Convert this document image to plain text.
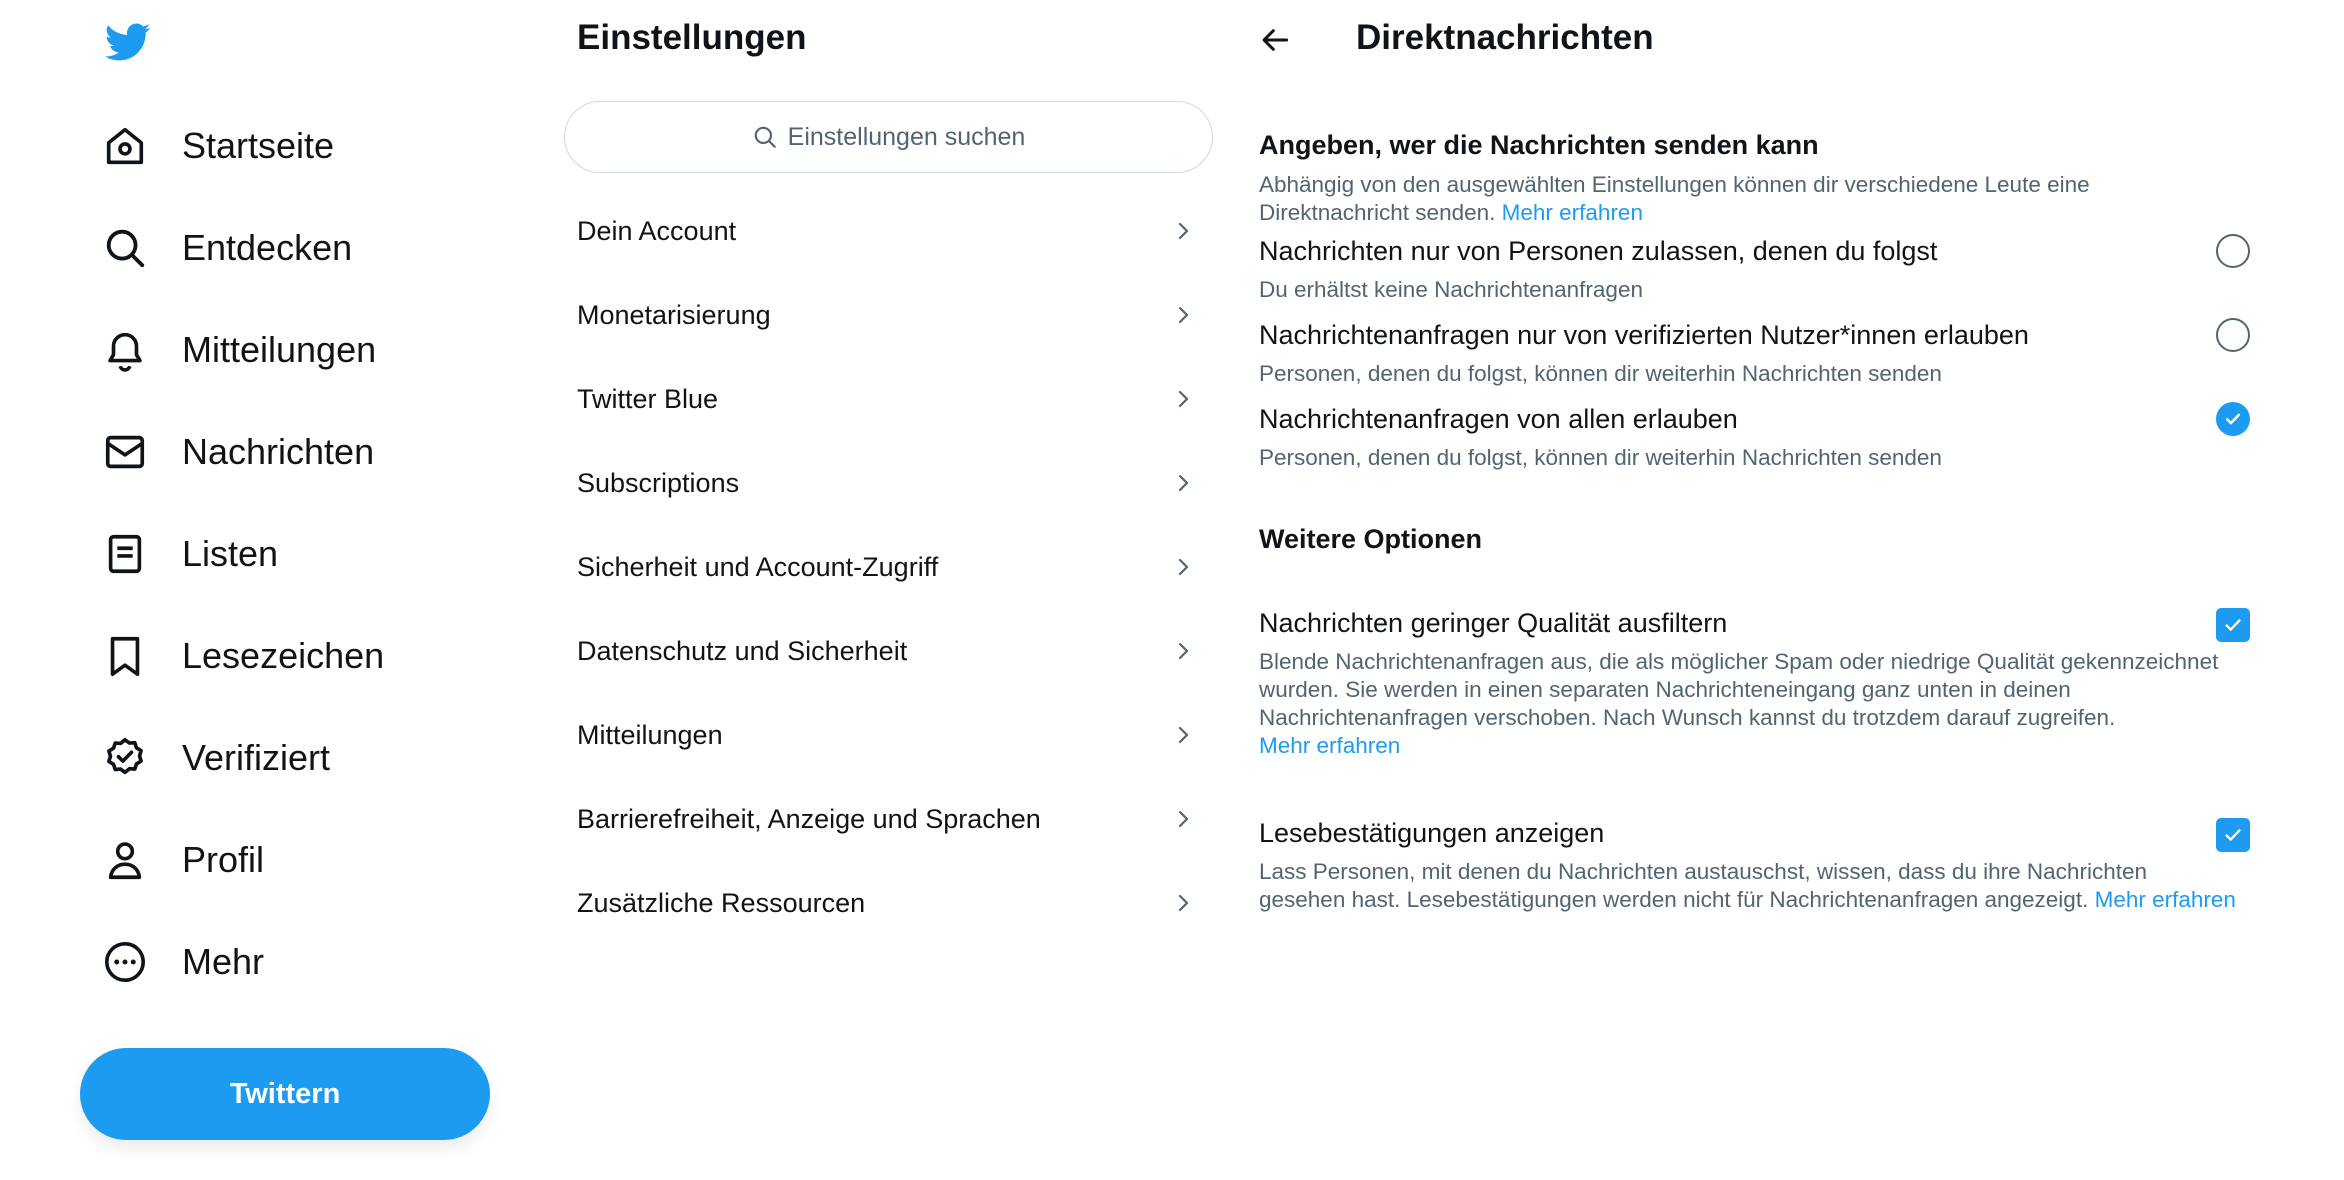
Startseite
Entdecken
Mitteilungen
Nachrichten
Listen
Lesezeichen
Verifiziert
Profil
Mehr
Twittern
Einstellungen
Einstellungen suchen
Dein Account
Monetarisierung
Twitter Blue
Subscriptions
Sicherheit und Account-Zugriff
Datenschutz und Sicherheit
Mitteilungen
Barrierefreiheit, Anzeige und Sprachen
Zusätzliche Ressourcen
Direktnachrichten
Angeben, wer die Nachrichten senden kann
Abhängig von den ausgewählten Einstellungen können dir verschiedene Leute eine Direktnachricht senden. Mehr erfahren
Nachrichten nur von Personen zulassen, denen du folgst
Du erhältst keine Nachrichtenanfragen
Nachrichtenanfragen nur von verifizierten Nutzer*innen erlauben
Personen, denen du folgst, können dir weiterhin Nachrichten senden
Nachrichtenanfragen von allen erlauben
Personen, denen du folgst, können dir weiterhin Nachrichten senden
Weitere Optionen
Nachrichten geringer Qualität ausfiltern
Blende Nachrichtenanfragen aus, die als möglicher Spam oder niedrige Qualität gekennzeichnet wurden. Sie werden in einen separaten Nachrichteneingang ganz unten in deinen Nachrichtenanfragen verschoben. Nach Wunsch kannst du trotzdem darauf zugreifen.
Mehr erfahren
Lesebestätigungen anzeigen
Lass Personen, mit denen du Nachrichten austauschst, wissen, dass du ihre Nachrichten gesehen hast. Lesebestätigungen werden nicht für Nachrichtenanfragen angezeigt. Mehr erfahren
